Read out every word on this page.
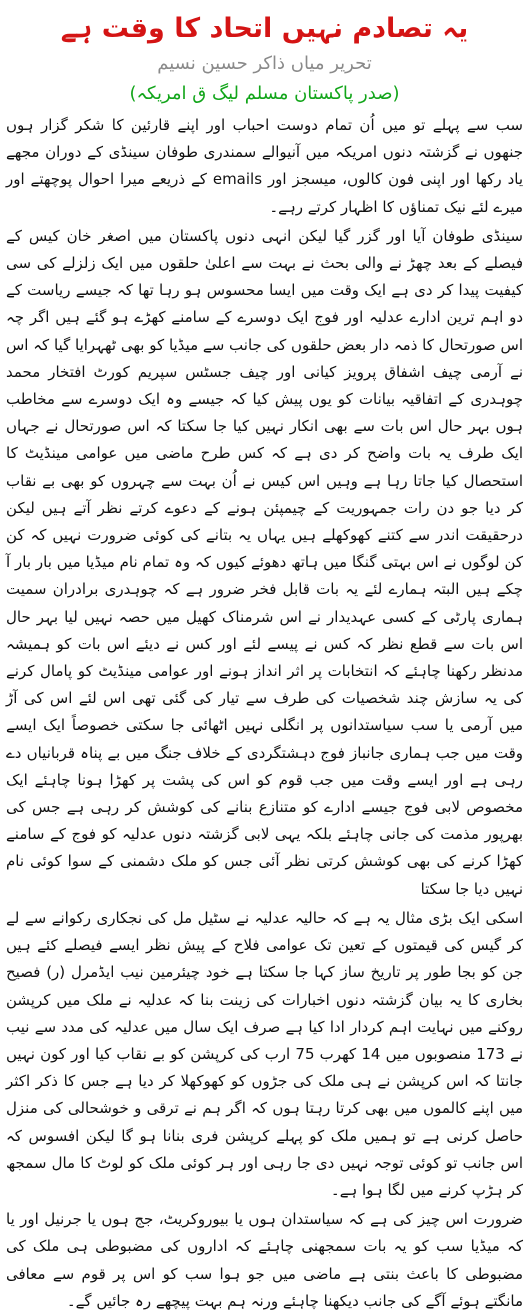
یہ تصادم نہیں اتحاد کا وقت ہے
تحریر میاں ذاکر حسین نسیم
(صدر پاکستان مسلم لیگ ق امریکہ)

سب سے پہلے تو میں اُن تمام دوست احباب اور اپنے قارئین کا شکر گزار ہوں جنھوں نے گزشتہ دنوں امریکہ میں آنیوالے سمندری طوفان سینڈی کے دوران مجھے یاد رکھا اور اپنی فون کالوں، میسجز اور emails کے ذریعے میرا احوال پوچھتے اور میرے لئے نیک تمناؤں کا اظہار کرتے رہے۔

سینڈی طوفان آیا اور گزر گیا لیکن انہی دنوں پاکستان میں اصغر خان کیس کے فیصلے کے بعد چھڑ نے والی بحث نے بہت سے اعلیٰ حلقوں میں ایک زلزلے کی سی کیفیت پیدا کر دی ہے ایک وقت میں ایسا محسوس ہو رہا تھا کہ جیسے ریاست کے دو اہم ترین ادارے عدلیہ اور فوج ایک دوسرے کے سامنے کھڑے ہو گئے ہیں اگر چہ اس صورتحال کا ذمہ دار بعض حلقوں کی جانب سے میڈیا کو بھی ٹھہرایا گیا کہ اس نے آرمی چیف اشفاق پرویز کیانی اور چیف جسٹس سپریم کورٹ افتخار محمد چوہدری کے اتفاقیہ بیانات کو یوں پیش کیا کہ جیسے وہ ایک دوسرے سے مخاطب ہوں بہر حال اس بات سے بھی انکار نہیں کیا جا سکتا کہ اس صورتحال نے جہاں ایک طرف یہ بات واضح کر دی ہے کہ کس طرح ماضی میں عوامی مینڈیٹ کا استحصال کیا جاتا رہا ہے وہیں اس کیس نے اُن بہت سے چہروں کو بھی بے نقاب کر دیا جو دن رات جمہوریت کے چیمپئن ہونے کے دعوے کرتے نظر آتے ہیں لیکن درحقیقت اندر سے کتنے کھوکھلے ہیں یہاں یہ بتانے کی کوئی ضرورت نہیں کہ کن کن لوگوں نے اس بہتی گنگا میں ہاتھ دھوئے کیوں کہ وہ تمام نام میڈیا میں بار بار آ چکے ہیں البتہ ہمارے لئے یہ بات قابل فخر ضرور ہے کہ چوہدری برادران سمیت ہماری پارٹی کے کسی عہدیدار نے اس شرمناک کھیل میں حصہ نہیں لیا بہر حال اس بات سے قطع نظر کہ کس نے پیسے لئے اور کس نے دیئے اس بات کو ہمیشہ مدنظر رکھنا چاہئے کہ انتخابات پر اثر انداز ہونے اور عوامی مینڈیٹ کو پامال کرنے کی یہ سازش چند شخصیات کی طرف سے تیار کی گئی تھی اس لئے اس کی آڑ میں آرمی یا سب سیاستدانوں پر انگلی نہیں اٹھائی جا سکتی خصوصاً ایک ایسے وقت میں جب ہماری جانباز فوج دہشتگردی کے خلاف جنگ میں بے پناہ قربانیاں دے رہی ہے اور ایسے وقت میں جب قوم کو اس کی پشت پر کھڑا ہونا چاہئے ایک مخصوص لابی فوج جیسے ادارے کو متنازع بنانے کی کوشش کر رہی ہے جس کی بھرپور مذمت کی جانی چاہئے بلکہ یہی لابی گزشتہ دنوں عدلیہ کو فوج کے سامنے کھڑا کرنے کی بھی کوشش کرتی نظر آئی جس کو ملک دشمنی کے سوا کوئی نام نہیں دیا جا سکتا

اسکی ایک بڑی مثال یہ ہے کہ حالیہ عدلیہ نے سٹیل مل کی نجکاری رکوانے سے لے کر گیس کی قیمتوں کے تعین تک عوامی فلاح کے پیش نظر ایسے فیصلے کئے ہیں جن کو بجا طور پر تاریخ ساز کہا جا سکتا ہے خود چیئرمین نیب ایڈمرل (ر) فصیح بخاری کا یہ بیان گزشتہ دنوں اخبارات کی زینت بنا کہ عدلیہ نے ملک میں کرپشن روکنے میں نہایت اہم کردار ادا کیا ہے صرف ایک سال میں عدلیہ کی مدد سے نیب نے 173 منصوبوں میں 14 کھرب 75 ارب کی کرپشن کو بے نقاب کیا اور کون نہیں جانتا کہ اس کرپشن نے ہی ملک کی جڑوں کو کھوکھلا کر دیا ہے جس کا ذکر اکثر میں اپنے کالموں میں بھی کرتا رہتا ہوں کہ اگر ہم نے ترقی و خوشحالی کی منزل حاصل کرنی ہے تو ہمیں ملک کو پہلے کرپشن فری بنانا ہو گا لیکن افسوس کہ اس جانب تو کوئی توجہ نہیں دی جا رہی اور ہر کوئی ملک کو لوٹ کا مال سمجھ کر ہڑپ کرنے میں لگا ہوا ہے۔

ضرورت اس چیز کی ہے کہ سیاستدان ہوں یا بیوروکریٹ، جج ہوں یا جرنیل اور یا کہ میڈیا سب کو یہ بات سمجھنی چاہئے کہ اداروں کی مضبوطی ہی ملک کی مضبوطی کا باعث بنتی ہے ماضی میں جو ہوا سب کو اس پر قوم سے معافی مانگتے ہوئے آگے کی جانب دیکھنا چاہئے ورنہ ہم بہت پیچھے رہ جائیں گے۔
